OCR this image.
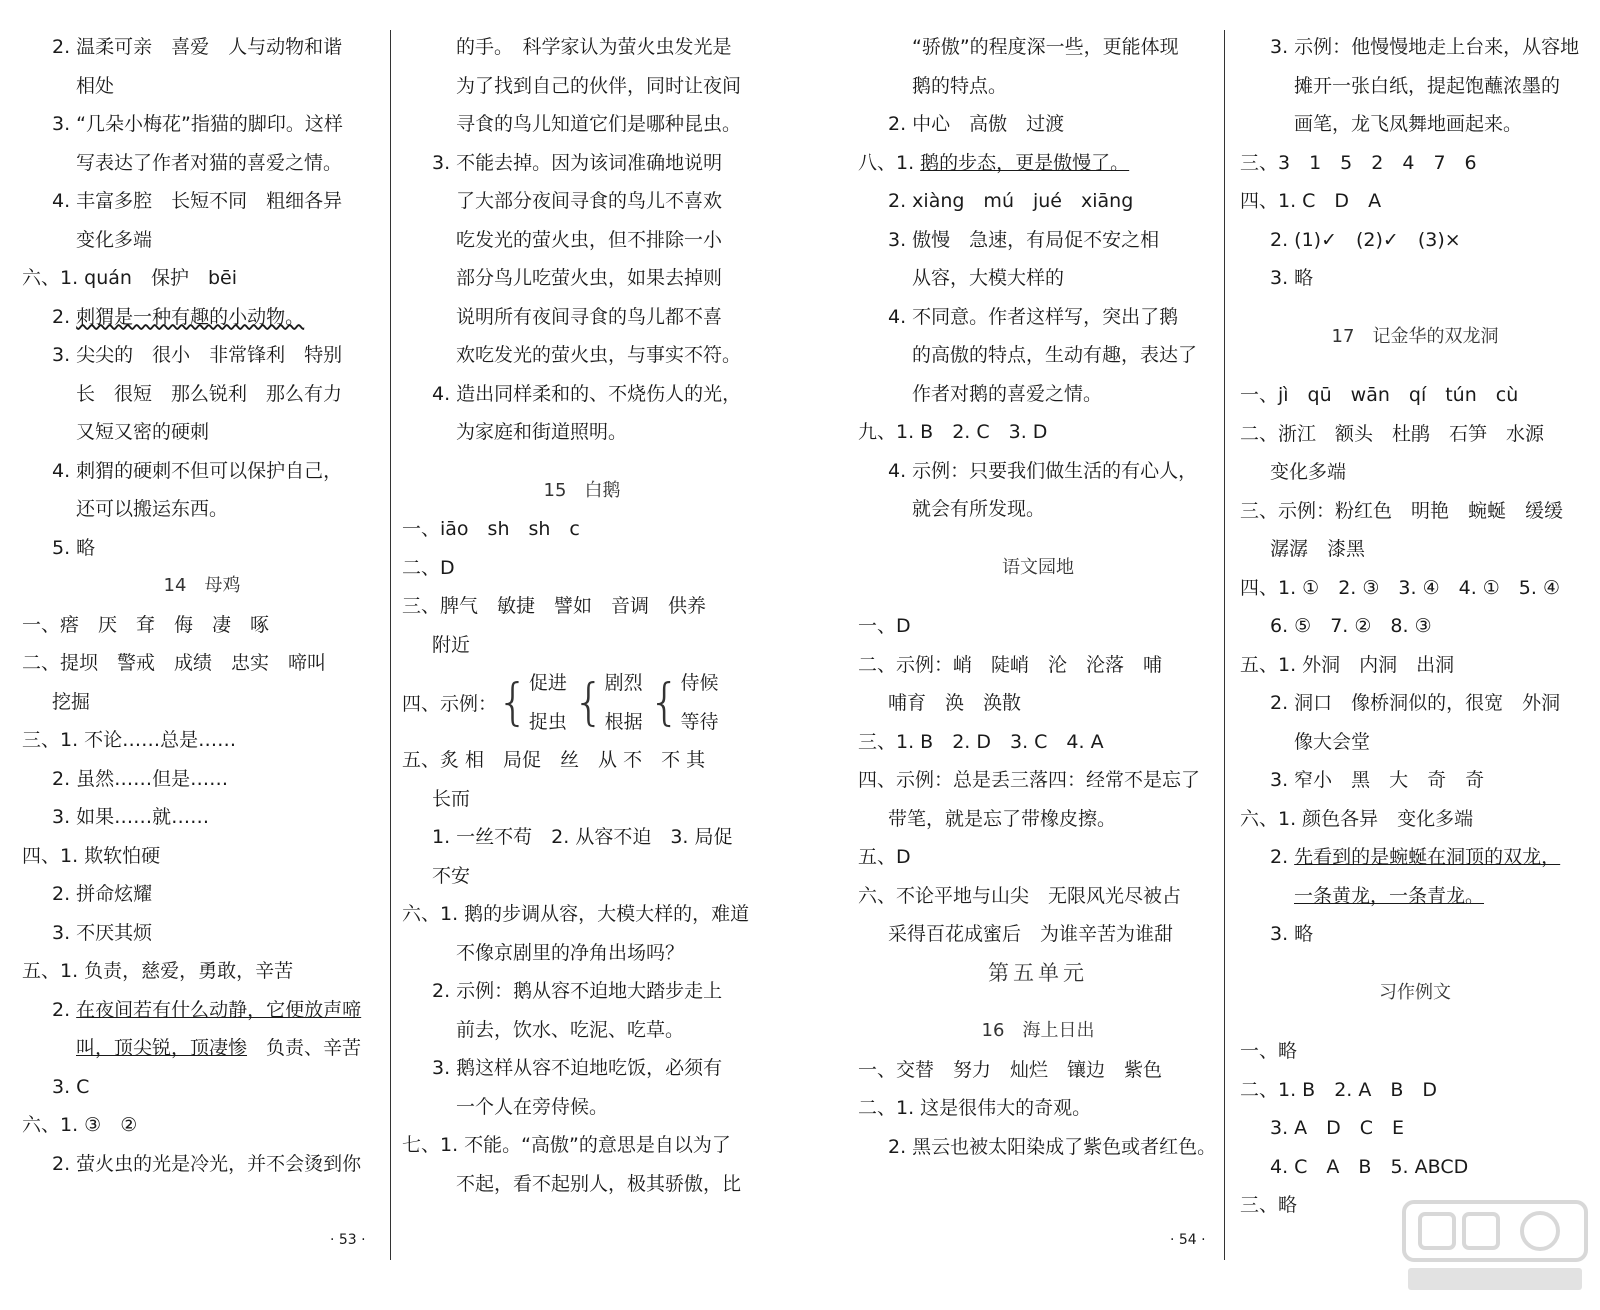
2. 温柔可亲　喜爱　人与动物和谐
相处
3. “几朵小梅花”指猫的脚印。这样
写表达了作者对猫的喜爱之情。
4. 丰富多腔　长短不同　粗细各异
变化多端
六、1. quán　保护　bēi
2. 刺猬是一种有趣的小动物。
3. 尖尖的　很小　非常锋利　特别
长　很短　那么锐利　那么有力
又短又密的硬刺
4. 刺猬的硬刺不但可以保护自己，
还可以搬运东西。
5. 略
14　母鸡
一、瘩　厌　耷　侮　凄　啄
二、提坝　警戒　成绩　忠实　啼叫
挖掘
三、1. 不论……总是……
2. 虽然……但是……
3. 如果……就……
四、1. 欺软怕硬
2. 拼命炫耀
3. 不厌其烦
五、1. 负责，慈爱，勇敢，辛苦
2. 在夜间若有什么动静，它便放声啼
叫，顶尖锐，顶凄惨　负责、辛苦
3. C
六、1. ③　②
2. 萤火虫的光是冷光，并不会烫到你
的手。　科学家认为萤火虫发光是
为了找到自己的伙伴，同时让夜间
寻食的鸟儿知道它们是哪种昆虫。
3. 不能去掉。因为该词准确地说明
了大部分夜间寻食的鸟儿不喜欢
吃发光的萤火虫，但不排除一小
部分鸟儿吃萤火虫，如果去掉则
说明所有夜间寻食的鸟儿都不喜
欢吃发光的萤火虫，与事实不符。
4. 造出同样柔和的、不烧伤人的光，
为家庭和街道照明。
15　白鹅
一、iāo　sh　sh　c
二、D
三、脾气　敏捷　譬如　音调　供养
附近
四、示例： { 促进
捉虫 { 剧烈
根据 { 侍候
等待
五、炙 相　局促　丝　从 不　不 其
长而
1. 一丝不苟　2. 从容不迫　3. 局促
不安
六、1. 鹅的步调从容，大模大样的，难道
不像京剧里的净角出场吗？
2. 示例：鹅从容不迫地大踏步走上
前去，饮水、吃泥、吃草。
3. 鹅这样从容不迫地吃饭，必须有
一个人在旁侍候。
七、1. 不能。“高傲”的意思是自以为了
不起，看不起别人，极其骄傲，比
“骄傲”的程度深一些，更能体现
鹅的特点。
2. 中心　高傲　过渡
八、1. 鹅的步态，更是傲慢了。
2. xiàng　mú　jué　xiāng
3. 傲慢　急速，有局促不安之相
从容，大模大样的
4. 不同意。作者这样写，突出了鹅
的高傲的特点，生动有趣，表达了
作者对鹅的喜爱之情。
九、1. B　2. C　3. D
4. 示例：只要我们做生活的有心人，
就会有所发现。
语文园地
一、D
二、示例：峭　陡峭　沦　沦落　哺
哺育　涣　涣散
三、1. B　2. D　3. C　4. A
四、示例：总是丢三落四：经常不是忘了
带笔，就是忘了带橡皮擦。
五、D
六、不论平地与山尖　无限风光尽被占
采得百花成蜜后　为谁辛苦为谁甜
第五单元
16　海上日出
一、交替　努力　灿烂　镶边　紫色
二、1. 这是很伟大的奇观。
2. 黑云也被太阳染成了紫色或者红色。
3. 示例：他慢慢地走上台来，从容地
摊开一张白纸，提起饱蘸浓墨的
画笔，龙飞凤舞地画起来。
三、3　1　5　2　4　7　6
四、1. C　D　A
2. (1)✓　(2)✓　(3)×
3. 略
17　记金华的双龙洞
一、jì　qū　wān　qí　tún　cù
二、浙江　额头　杜鹃　石笋　水源
变化多端
三、示例：粉红色　明艳　蜿蜒　缓缓
潺潺　漆黑
四、1. ①　2. ③　3. ④　4. ①　5. ④
6. ⑤　7. ②　8. ③
五、1. 外洞　内洞　出洞
2. 洞口　像桥洞似的，很宽　外洞
像大会堂
3. 窄小　黑　大　奇　奇
六、1. 颜色各异　变化多端
2. 先看到的是蜿蜒在洞顶的双龙，
一条黄龙，一条青龙。
3. 略
习作例文
一、略
二、1. B　2. A　B　D
3. A　D　C　E
4. C　A　B　5. ABCD
三、略
· 53 ·	· 54 ·
